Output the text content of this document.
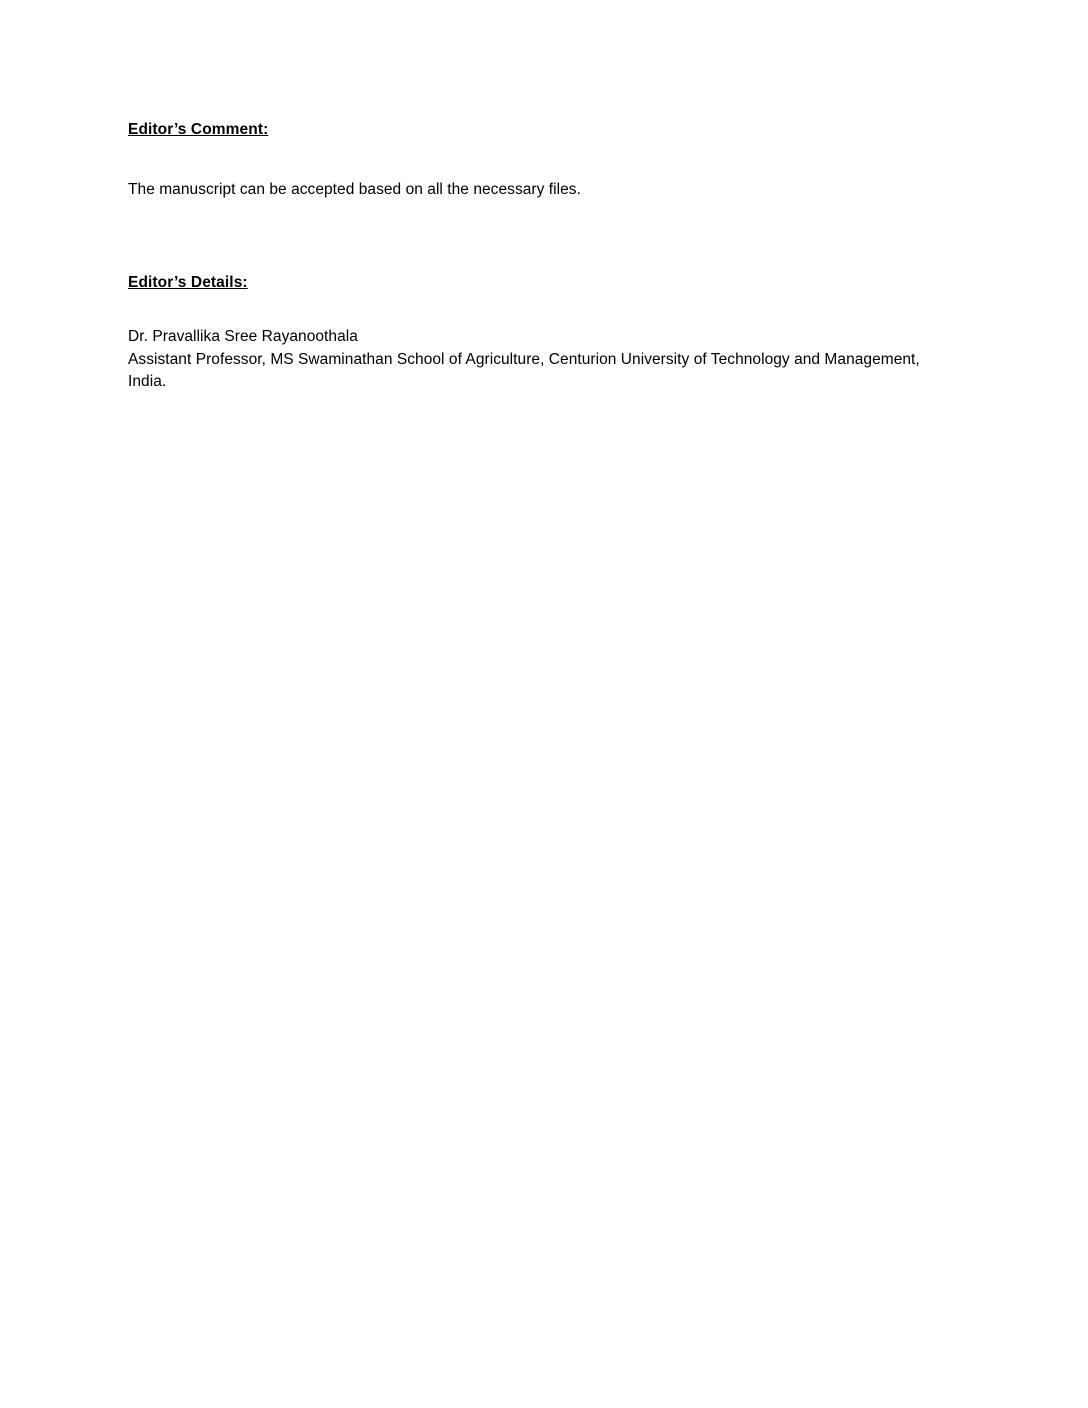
Editor’s Comment:
The manuscript can be accepted based on all the necessary files.
Editor’s Details:

Dr. Pravallika Sree Rayanoothala

Assistant Professor, MS Swaminathan School of Agriculture, Centurion University of Technology and Management, India.
